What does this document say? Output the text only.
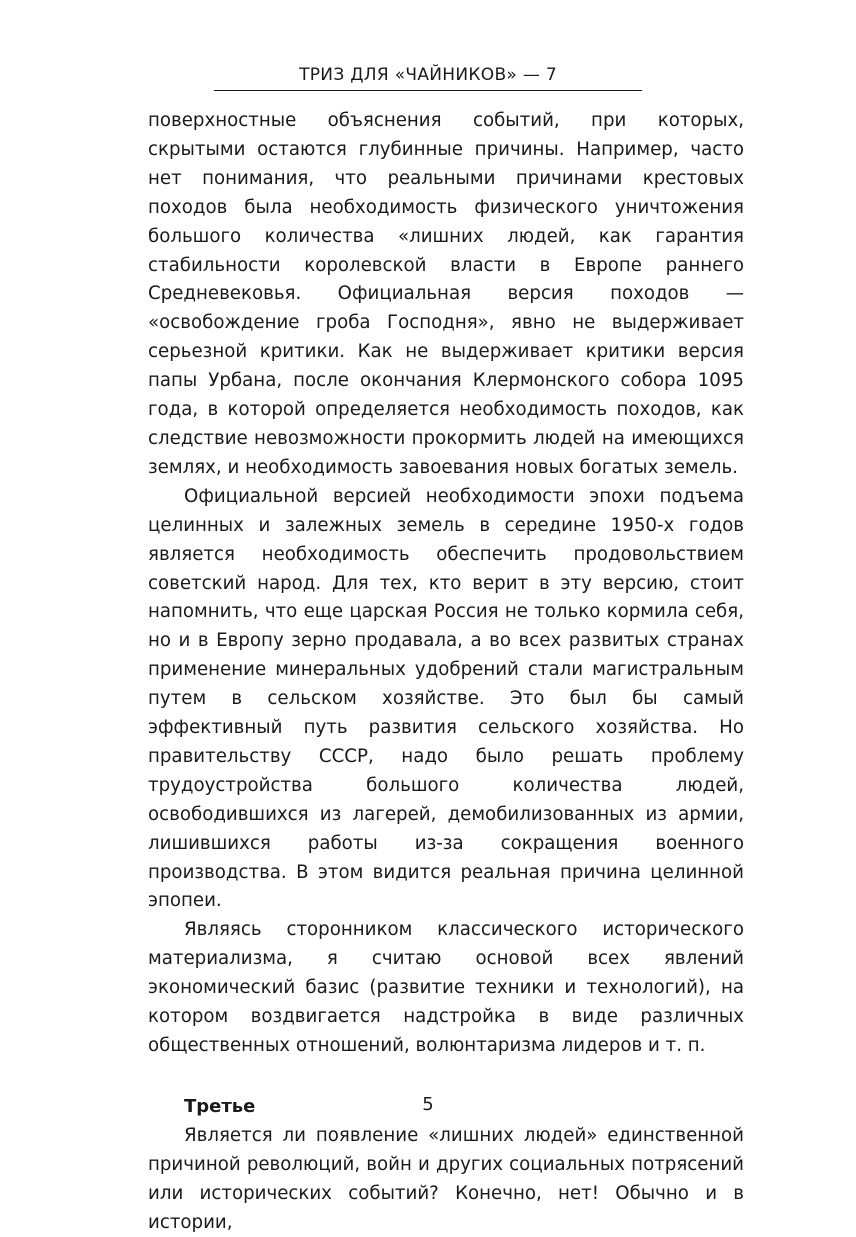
ТРИЗ ДЛЯ «ЧАЙНИКОВ» — 7

поверхностные объяснения событий, при которых, скрытыми остаются глубинные причины. Например, часто нет понимания, что реальными причинами крестовых походов была необходимость физического уничтожения большого количества «лишних людей, как гарантия стабильности королевской власти в Европе раннего Средневековья. Официальная версия походов — «освобождение гроба Господня», явно не выдерживает серьезной критики. Как не выдерживает критики версия папы Урбана, после окончания Клермонского собора 1095 года, в которой определяется необходимость походов, как следствие невозможности прокормить людей на имеющихся землях, и необходимость завоевания новых богатых земель.

Официальной версией необходимости эпохи подъема целинных и залежных земель в середине 1950-х годов является необходимость обеспечить продовольствием советский народ. Для тех, кто верит в эту версию, стоит напомнить, что еще царская Россия не только кормила себя, но и в Европу зерно продавала, а во всех развитых странах применение минеральных удобрений стали магистральным путем в сельском хозяйстве. Это был бы самый эффективный путь развития сельского хозяйства. Но правительству СССР, надо было решать проблему трудоустройства большого количества людей, освободившихся из лагерей, демобилизованных из армии, лишившихся работы из-за сокращения военного производства. В этом видится реальная причина целинной эпопеи.

Являясь сторонником классического исторического материализма, я считаю основой всех явлений экономический базис (развитие техники и технологий), на котором воздвигается надстройка в виде различных общественных отношений, волюнтаризма лидеров и т. п.

Третье

Является ли появление «лишних людей» единственной причиной революций, войн и других социальных потрясений или исторических событий? Конечно, нет! Обычно и в истории,

5
